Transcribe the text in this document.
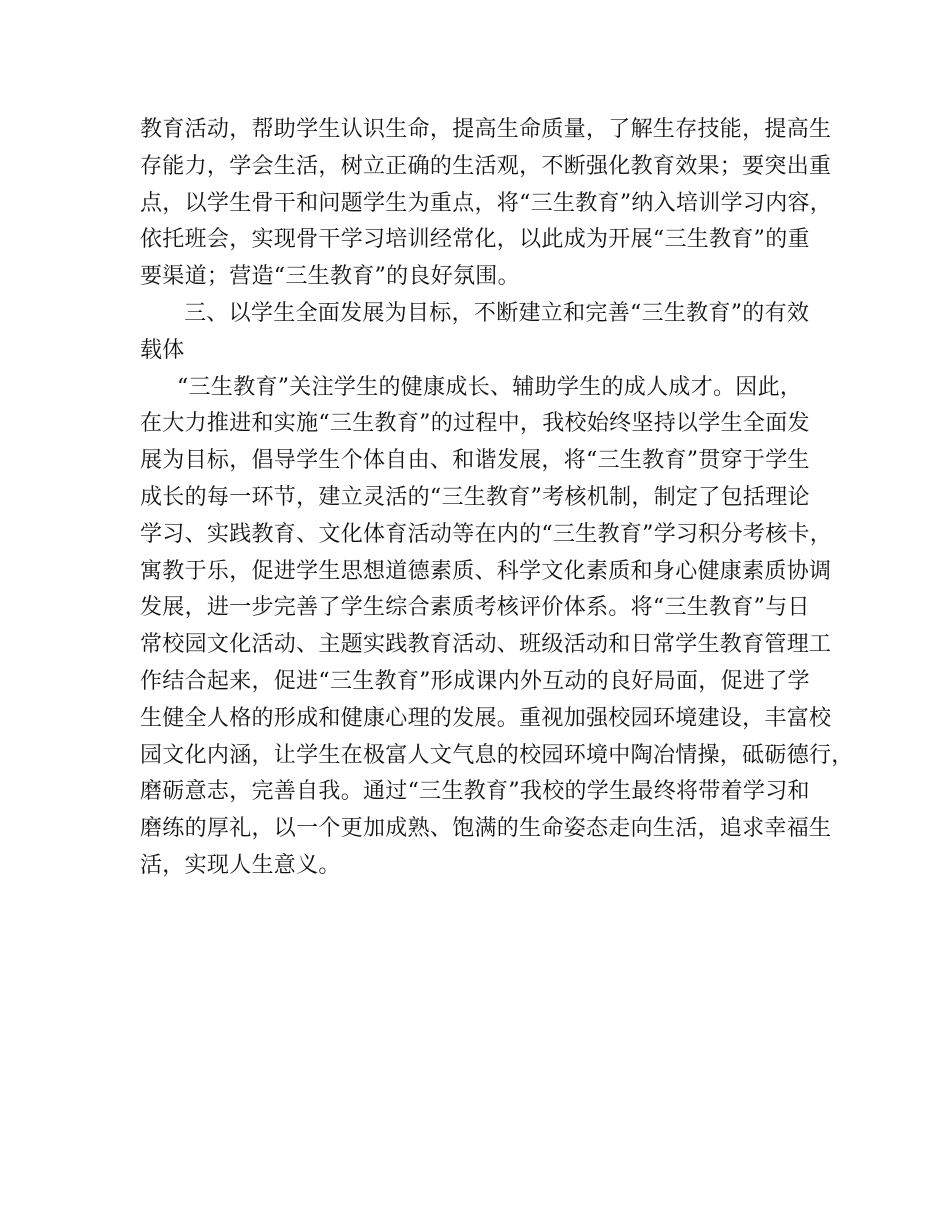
教育活动，帮助学生认识生命，提高生命质量，了解生存技能，提高生
存能力，学会生活，树立正确的生活观，不断强化教育效果；要突出重
点，以学生骨干和问题学生为重点，将“三生教育”纳入培训学习内容，
依托班会，实现骨干学习培训经常化，以此成为开展“三生教育”的重
要渠道；营造“三生教育”的良好氛围。
三、以学生全面发展为目标，不断建立和完善“三生教育”的有效
载体
“三生教育”关注学生的健康成长、辅助学生的成人成才。因此，
在大力推进和实施“三生教育”的过程中，我校始终坚持以学生全面发
展为目标，倡导学生个体自由、和谐发展，将“三生教育”贯穿于学生
成长的每一环节，建立灵活的“三生教育”考核机制，制定了包括理论
学习、实践教育、文化体育活动等在内的“三生教育”学习积分考核卡，
寓教于乐，促进学生思想道德素质、科学文化素质和身心健康素质协调
发展，进一步完善了学生综合素质考核评价体系。将“三生教育”与日
常校园文化活动、主题实践教育活动、班级活动和日常学生教育管理工
作结合起来，促进“三生教育”形成课内外互动的良好局面，促进了学
生健全人格的形成和健康心理的发展。重视加强校园环境建设，丰富校
园文化内涵，让学生在极富人文气息的校园环境中陶冶情操，砥砺德行，
磨砺意志，完善自我。通过“三生教育”我校的学生最终将带着学习和
磨练的厚礼，以一个更加成熟、饱满的生命姿态走向生活，追求幸福生
活，实现人生意义。
